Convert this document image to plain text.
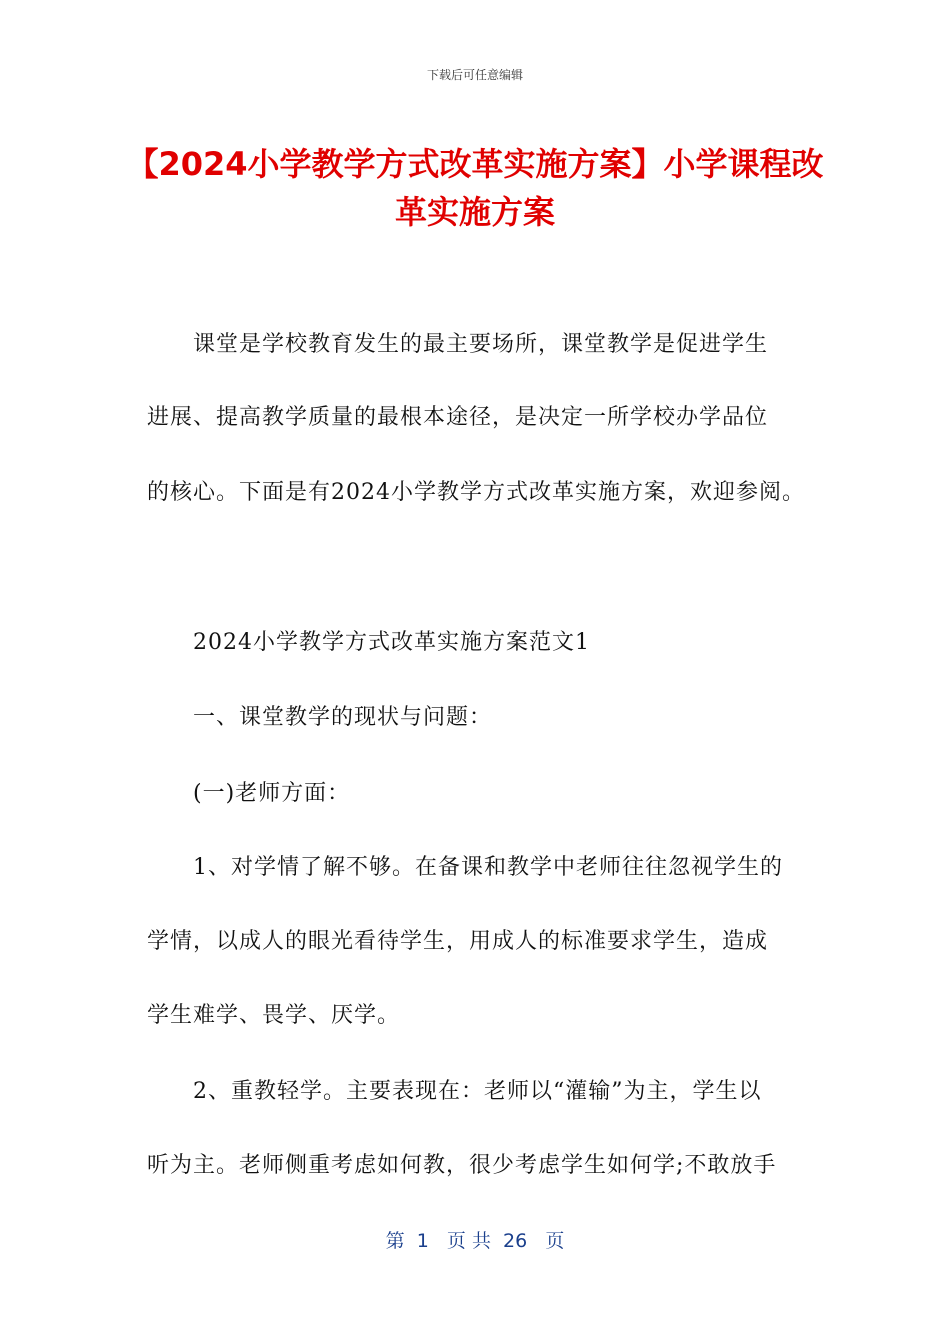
下载后可任意编辑
【2024小学教学方式改革实施方案】小学课程改革实施方案

课堂是学校教育发生的最主要场所，课堂教学是促进学生

进展、提高教学质量的最根本途径，是决定一所学校办学品位

的核心。下面是有2024小学教学方式改革实施方案，欢迎参阅。

2024小学教学方式改革实施方案范文1

一、课堂教学的现状与问题：

(一)老师方面：

1、对学情了解不够。在备课和教学中老师往往忽视学生的

学情，以成人的眼光看待学生，用成人的标准要求学生，造成

学生难学、畏学、厌学。

2、重教轻学。主要表现在：老师以“灌输”为主，学生以

听为主。老师侧重考虑如何教，很少考虑学生如何学;不敢放手

第  1   页 共  26   页
